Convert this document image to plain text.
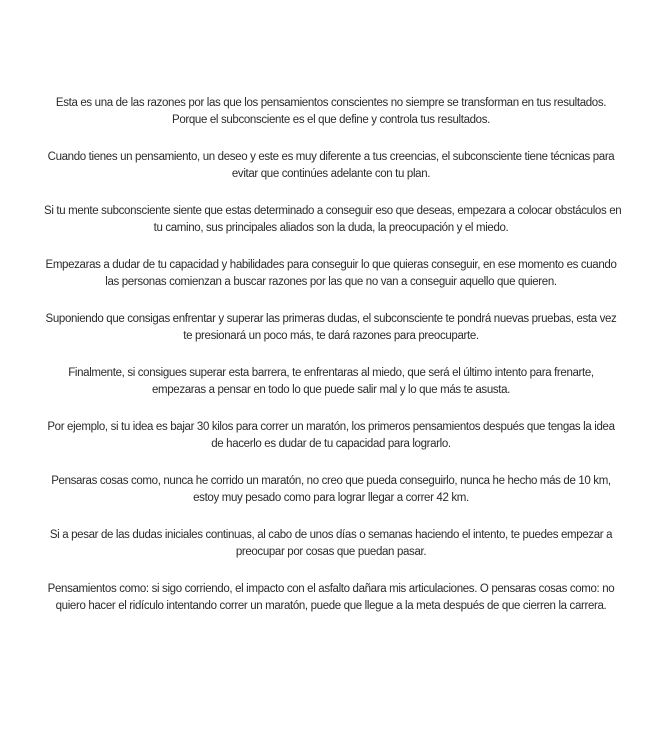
Esta es una de las razones por las que los pensamientos conscientes no siempre se transforman en tus resultados.
Porque el subconsciente es el que define y controla tus resultados.

Cuando tienes un pensamiento, un deseo y este es muy diferente a tus creencias, el subconsciente tiene técnicas para
evitar que continúes adelante con tu plan.

Si tu mente subconsciente siente que estas determinado a conseguir eso que deseas, empezara a colocar obstáculos en
tu camino, sus principales aliados son la duda, la preocupación y el miedo.

Empezaras a dudar de tu capacidad y habilidades para conseguir lo que quieras conseguir, en ese momento es cuando
las personas comienzan a buscar razones por las que no van a conseguir aquello que quieren.

Suponiendo que consigas enfrentar y superar las primeras dudas, el subconsciente te pondrá nuevas pruebas, esta vez
te presionará un poco más, te dará razones para preocuparte.

Finalmente, si consigues superar esta barrera, te enfrentaras al miedo, que será el último intento para frenarte,
empezaras a pensar en todo lo que puede salir mal y lo que más te asusta.

Por ejemplo, si tu idea es bajar 30 kilos para correr un maratón, los primeros pensamientos después que tengas la idea
de hacerlo es dudar de tu capacidad para lograrlo.

Pensaras cosas como, nunca he corrido un maratón, no creo que pueda conseguirlo, nunca he hecho más de 10 km,
estoy muy pesado como para lograr llegar a correr 42 km.

Si a pesar de las dudas iniciales continuas, al cabo de unos días o semanas haciendo el intento, te puedes empezar a
preocupar por cosas que puedan pasar.

Pensamientos como: si sigo corriendo, el impacto con el asfalto dañara mis articulaciones. O pensaras cosas como: no
quiero hacer el ridículo intentando correr un maratón, puede que llegue a la meta después de que cierren la carrera.
